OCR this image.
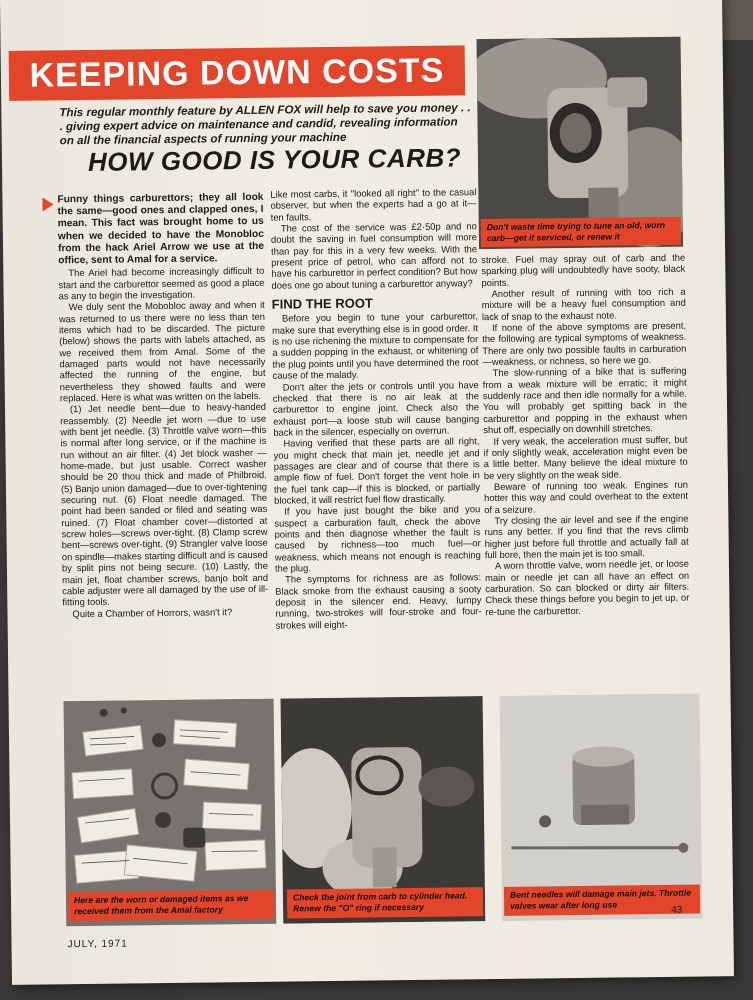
KEEPING DOWN COSTS

This regular monthly feature by ALLEN FOX will help to save you money . . . giving expert advice on maintenance and candid, revealing information on all the financial aspects of running your machine

HOW GOOD IS YOUR CARB?

Don't waste time trying to tune an old, worn carb—get it serviced, or renew it

Funny things carburettors; they all look the same—good ones and clapped ones, I mean. This fact was brought home to us when we decided to have the Monobloc from the hack Ariel Arrow we use at the office, sent to Amal for a service.

The Ariel had become increasingly difficult to start and the carburettor seemed as good a place as any to begin the investigation.

We duly sent the Mobobloc away and when it was returned to us there were no less than ten items which had to be discarded. The picture (below) shows the parts with labels attached, as we received them from Amal. Some of the damaged parts would not have necessarily affected the running of the engine, but nevertheless they showed faults and were replaced. Here is what was written on the labels.

(1) Jet needle bent—due to heavy-handed reassembly. (2) Needle jet worn —due to use with bent jet needle. (3) Throttle valve worn—this is normal after long service, or if the machine is run without an air filter. (4) Jet block washer —home-made, but just usable. Correct washer should be 20 thou thick and made of Philbroid. (5) Banjo union damaged—due to over-tightening securing nut. (6) Float needle damaged. The point had been sanded or filed and seating was ruined. (7) Float chamber cover—distorted at screw holes—screws over-tight. (8) Clamp screw bent—screws over-tight. (9) Strangler valve loose on spindle—makes starting difficult and is caused by split pins not being secure. (10) Lastly, the main jet, float chamber screws, banjo bolt and cable adjuster were all damaged by the use of ill-fitting tools.

Quite a Chamber of Horrors, wasn't it?

Like most carbs, it ''looked all right'' to the casual observer, but when the experts had a go at it—ten faults.

The cost of the service was £2·50p and no doubt the saving in fuel consumption will more than pay for this in a very few weeks. With the present price of petrol, who can afford not to have his carburettor in perfect condition? But how does one go about tuning a carburettor anyway?

FIND THE ROOT

Before you begin to tune your carburettor, make sure that everything else is in good order. It is no use richening the mixture to compensate for a sudden popping in the exhaust, or whitening of the plug points until you have determined the root cause of the malady.

Don't alter the jets or controls until you have checked that there is no air leak at the carburettor to engine joint. Check also the exhaust port—a loose stub will cause banging back in the silencer, especially on overrun.

Having verified that these parts are all right, you might check that main jet, needle jet and passages are clear and of course that there is ample flow of fuel. Don't forget the vent hole in the fuel tank cap—if this is blocked, or partially blocked, it will restrict fuel flow drastically.

If you have just bought the bike and you suspect a carburation fault, check the above points and then diagnose whether the fault is caused by richness—too much fuel—or weakness, which means not enough is reaching the plug.

The symptoms for richness are as follows: Black smoke from the exhaust causing a sooty deposit in the silencer end. Heavy, lumpy running, two-strokes will four-stroke and four-strokes will eight-

stroke. Fuel may spray out of carb and the sparking plug will undoubtedly have sooty, black points.

Another result of running with too rich a mixture will be a heavy fuel consumption and lack of snap to the exhaust note.

If none of the above symptoms are present, the following are typical symptoms of weakness. There are only two possible faults in carburation—weakness, or richness, so here we go.

The slow-running of a bike that is suffering from a weak mixture will be erratic; it might suddenly race and then idle normally for a while. You will probably get spitting back in the carburettor and popping in the exhaust when shut off, especially on downhill stretches.

If very weak, the acceleration must suffer, but if only slightly weak, acceleration might even be a little better. Many believe the ideal mixture to be very slightly on the weak side.

Beware of running too weak. Engines run hotter this way and could overheat to the extent of a seizure.

Try closing the air level and see if the engine runs any better. If you find that the revs climb higher just before full throttle and actually fall at full bore, then the main jet is too small.

A worn throttle valve, worn needle jet, or loose main or needle jet can all have an effect on carburation. So can blocked or dirty air filters. Check these things before you begin to jet up, or re-tune the carburettor.

Here are the worn or damaged items as we received them from the Amal factory

Check the joint from carb to cylinder head. Renew the "O" ring if necessary

Bent needles will damage main jets. Throttle valves wear after long use	43

JULY, 1971
